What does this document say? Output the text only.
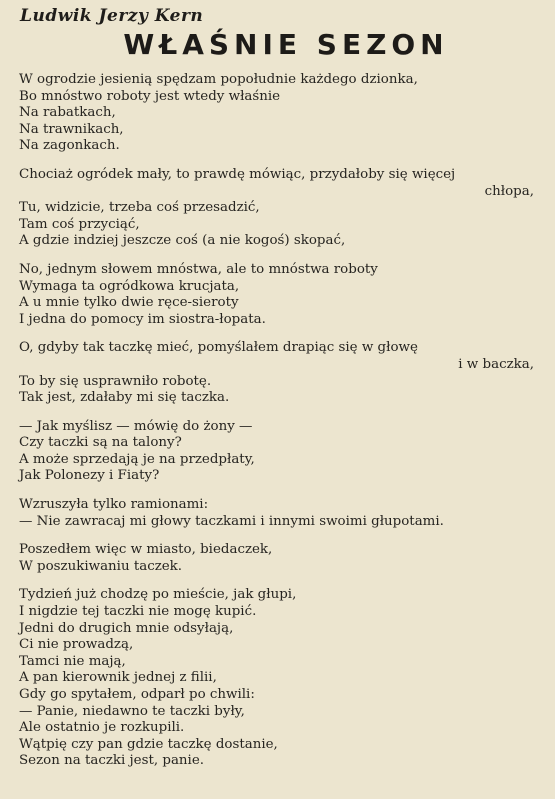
Ludwik Jerzy Kern
WŁAŚNIE SEZON
W ogrodzie jesienią spędzam popołudnie każdego dzionka,
Bo mnóstwo roboty jest wtedy właśnie
Na rabatkach,
Na trawnikach,
Na zagonkach.
Chociaż ogródek mały, to prawdę mówiąc, przydałoby się więcej
chłopa,
Tu, widzicie, trzeba coś przesadzić,
Tam coś przyciąć,
A gdzie indziej jeszcze coś (a nie kogoś) skopać,
No, jednym słowem mnóstwa, ale to mnóstwa roboty
Wymaga ta ogródkowa krucjata,
A u mnie tylko dwie ręce-sieroty
I jedna do pomocy im siostra-łopata.
O, gdyby tak taczkę mieć, pomyślałem drapiąc się w głowę
i w baczka,
To by się usprawniło robotę.
Tak jest, zdałaby mi się taczka.
— Jak myślisz — mówię do żony —
Czy taczki są na talony?
A może sprzedają je na przedpłaty,
Jak Polonezy i Fiaty?
Wzruszyła tylko ramionami:
— Nie zawracaj mi głowy taczkami i innymi swoimi głupotami.
Poszedłem więc w miasto, biedaczek,
W poszukiwaniu taczek.
Tydzień już chodzę po mieście, jak głupi,
I nigdzie tej taczki nie mogę kupić.
Jedni do drugich mnie odsyłają,
Ci nie prowadzą,
Tamci nie mają,
A pan kierownik jednej z filii,
Gdy go spytałem, odparł po chwili:
— Panie, niedawno te taczki były,
Ale ostatnio je rozkupili.
Wątpię czy pan gdzie taczkę dostanie,
Sezon na taczki jest, panie.
